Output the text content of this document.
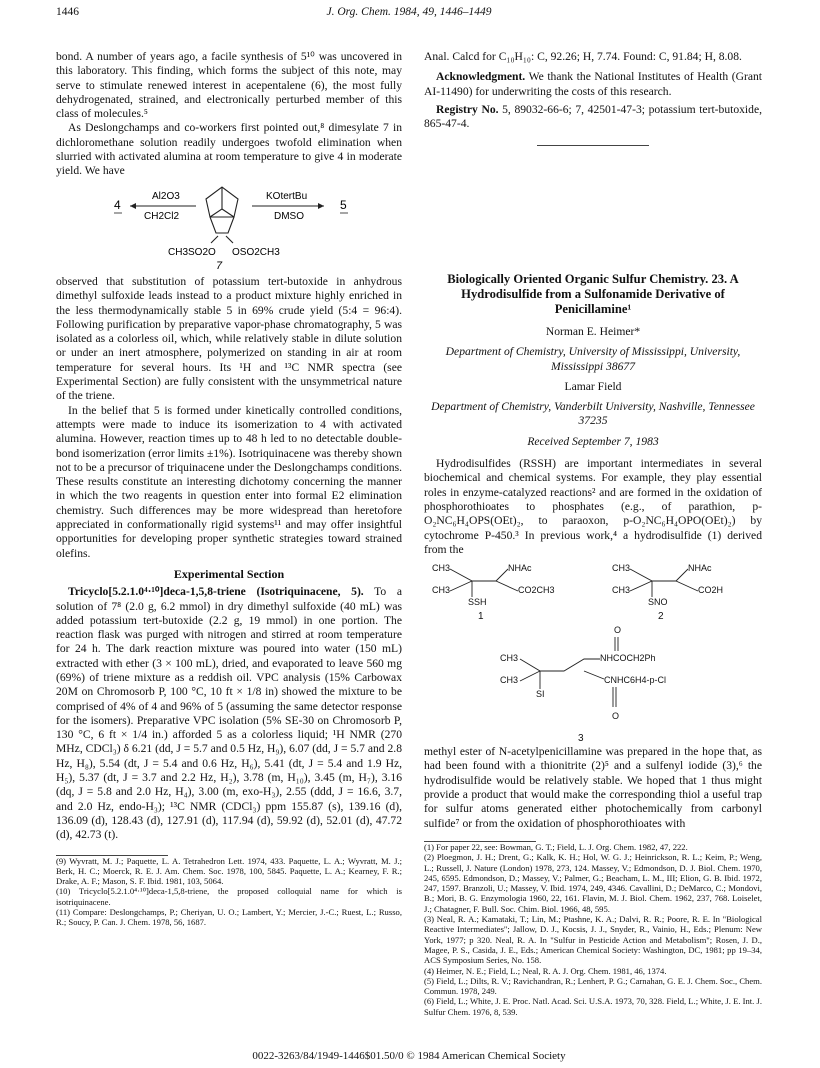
1446	J. Org. Chem. 1984, 49, 1446–1449

bond. A number of years ago, a facile synthesis of 5¹⁰ was uncovered in this laboratory. This finding, which forms the subject of this note, may serve to stimulate renewed interest in acepentalene (6), the most fully dehydrogenated, strained, and electronically perturbed member of this class of molecules.⁵

As Deslongchamps and co-workers first pointed out,⁸ dimesylate 7 in dichloromethane solution readily undergoes twofold elimination when slurried with activated alumina at room temperature to give 4 in moderate yield. We have

4
Al2O3
CH2Cl2
CH3SO2O OSO2CH3
7
KOtertBu
DMSO
5

observed that substitution of potassium tert-butoxide in anhydrous dimethyl sulfoxide leads instead to a product mixture highly enriched in the less thermodynamically stable 5 in 69% crude yield (5:4 = 96:4). Following purification by preparative vapor-phase chromatography, 5 was isolated as a colorless oil, which, while relatively stable in dilute solution or under an inert atmosphere, polymerized on standing in air at room temperature for several hours. Its ¹H and ¹³C NMR spectra (see Experimental Section) are fully consistent with the unsymmetrical nature of the triene.

In the belief that 5 is formed under kinetically controlled conditions, attempts were made to induce its isomerization to 4 with activated alumina. However, reaction times up to 48 h led to no detectable double-bond isomerization (error limits ±1%). Isotriquinacene was thereby shown not to be a precursor of triquinacene under the Deslongchamps conditions. These results constitute an interesting dichotomy concerning the manner in which the two reagents in question enter into formal E2 elimination chemistry. Such differences may be more widespread than heretofore appreciated in conformationally rigid systems¹¹ and may offer insightful opportunities for developing proper synthetic strategies toward strained olefins.

Experimental Section

Tricyclo[5.2.1.0⁴·¹⁰]deca-1,5,8-triene (Isotriquinacene, 5). To a solution of 7⁸ (2.0 g, 6.2 mmol) in dry dimethyl sulfoxide (40 mL) was added potassium tert-butoxide (2.2 g, 19 mmol) in one portion. The reaction flask was purged with nitrogen and stirred at room temperature for 24 h. The dark reaction mixture was poured into water (150 mL) extracted with ether (3 × 100 mL), dried, and evaporated to leave 560 mg (69%) of triene mixture as a reddish oil. VPC analysis (15% Carbowax 20M on Chromosorb P, 100 °C, 10 ft × 1/8 in) showed the mixture to be comprised of 4% of 4 and 96% of 5 (assuming the same detector response for the isomers). Preparative VPC isolation (5% SE-30 on Chromosorb P, 130 °C, 6 ft × 1/4 in.) afforded 5 as a colorless liquid; ¹H NMR (270 MHz, CDCl₃) δ 6.21 (dd, J = 5.7 and 0.5 Hz, H₉), 6.07 (dd, J = 5.7 and 2.8 Hz, H₈), 5.54 (dt, J = 5.4 and 0.6 Hz, H₆), 5.41 (dt, J = 5.4 and 1.9 Hz, H₅), 5.37 (dt, J = 3.7 and 2.2 Hz, H₂), 3.78 (m, H₁₀), 3.45 (m, H₇), 3.16 (dq, J = 5.8 and 2.0 Hz, H₄), 3.00 (m, exo-H₃), 2.55 (ddd, J = 16.6, 3.7, and 2.0 Hz, endo-H₃); ¹³C NMR (CDCl₃) ppm 155.87 (s), 139.16 (d), 136.09 (d), 128.43 (d), 127.91 (d), 117.94 (d), 59.92 (d), 52.01 (d), 47.72 (d), 42.73 (t).

(9) Wyvratt, M. J.; Paquette, L. A. Tetrahedron Lett. 1974, 433. Paquette, L. A.; Wyvratt, M. J.; Berk, H. C.; Moerck, R. E. J. Am. Chem. Soc. 1978, 100, 5845. Paquette, L. A.; Kearney, F. R.; Drake, A. F.; Mason, S. F. Ibid. 1981, 103, 5064.

(10) Tricyclo[5.2.1.0⁴·¹⁰]deca-1,5,8-triene, the proposed colloquial name for which is isotriquinacene.

(11) Compare: Deslongchamps, P.; Cheriyan, U. O.; Lambert, Y.; Mercier, J.-C.; Ruest, L.; Russo, R.; Soucy, P. Can. J. Chem. 1978, 56, 1687.

Anal. Calcd for C₁₀H₁₀: C, 92.26; H, 7.74. Found: C, 91.84; H, 8.08.

Acknowledgment. We thank the National Institutes of Health (Grant AI-11490) for underwriting the costs of this research.

Registry No. 5, 89032-66-6; 7, 42501-47-3; potassium tert-butoxide, 865-47-4.

Biologically Oriented Organic Sulfur Chemistry. 23. A Hydrodisulfide from a Sulfonamide Derivative of Penicillamine¹
Norman E. Heimer*
Department of Chemistry, University of Mississippi, University, Mississippi 38677
Lamar Field
Department of Chemistry, Vanderbilt University, Nashville, Tennessee 37235
Received September 7, 1983

Hydrodisulfides (RSSH) are important intermediates in several biochemical and chemical systems. For example, they play essential roles in enzyme-catalyzed reactions² and are formed in the oxidation of phosphorothioates to phosphates (e.g., of parathion, p-O₂NC₆H₄OPS(OEt)₂, to paraoxon, p-O₂NC₆H₄OPO(OEt)₂) by cytochrome P-450.³ In previous work,⁴ a hydrodisulfide (1) derived from the

CH3
CH3
NHAc
CO2CH3
SSH
1
CH3
CH3
NHAc
CO2H
SNO
2
O
CH3
CH3
NHCOCH2Ph
CNHC6H4-p-Cl
SI
O
3

methyl ester of N-acetylpenicillamine was prepared in the hope that, as had been found with a thionitrite (2)⁵ and a sulfenyl iodide (3),⁶ the hydrodisulfide would be relatively stable. We hoped that 1 thus might provide a product that would make the corresponding thiol a useful trap for sulfur atoms generated either photochemically from carbonyl sulfide⁷ or from the oxidation of phosphorothioates with

(1) For paper 22, see: Bowman, G. T.; Field, L. J. Org. Chem. 1982, 47, 222.

(2) Ploegmon, J. H.; Drent, G.; Kalk, K. H.; Hol, W. G. J.; Heinrickson, R. L.; Keim, P.; Weng, L.; Russell, J. Nature (London) 1978, 273, 124. Massey, V.; Edmondson, D. J. Biol. Chem. 1970, 245, 6595. Edmondson, D.; Massey, V.; Palmer, G.; Beacham, L. M., III; Elion, G. B. Ibid. 1972, 247, 1597. Branzoli, U.; Massey, V. Ibid. 1974, 249, 4346. Cavallini, D.; DeMarco, C.; Mondovi, B.; Mori, B. G. Enzymologia 1960, 22, 161. Flavin, M. J. Biol. Chem. 1962, 237, 768. Loiselet, J.; Chatagner, F. Bull. Soc. Chim. Biol. 1966, 48, 595.

(3) Neal, R. A.; Kamataki, T.; Lin, M.; Ptashne, K. A.; Dalvi, R. R.; Poore, R. E. In "Biological Reactive Intermediates"; Jallow, D. J., Kocsis, J. J., Snyder, R., Vainio, H., Eds.; Plenum: New York, 1977; p 320. Neal, R. A. In "Sulfur in Pesticide Action and Metabolism"; Rosen, J. D., Magee, P. S., Casida, J. E., Eds.; American Chemical Society: Washington, DC, 1981; pp 19–34, ACS Symposium Series, No. 158.

(4) Heimer, N. E.; Field, L.; Neal, R. A. J. Org. Chem. 1981, 46, 1374.

(5) Field, L.; Dilts, R. V.; Ravichandran, R.; Lenhert, P. G.; Carnahan, G. E. J. Chem. Soc., Chem. Commun. 1978, 249.

(6) Field, L.; White, J. E. Proc. Natl. Acad. Sci. U.S.A. 1973, 70, 328. Field, L.; White, J. E. Int. J. Sulfur Chem. 1976, 8, 539.

0022-3263/84/1949-1446$01.50/0 © 1984 American Chemical Society
